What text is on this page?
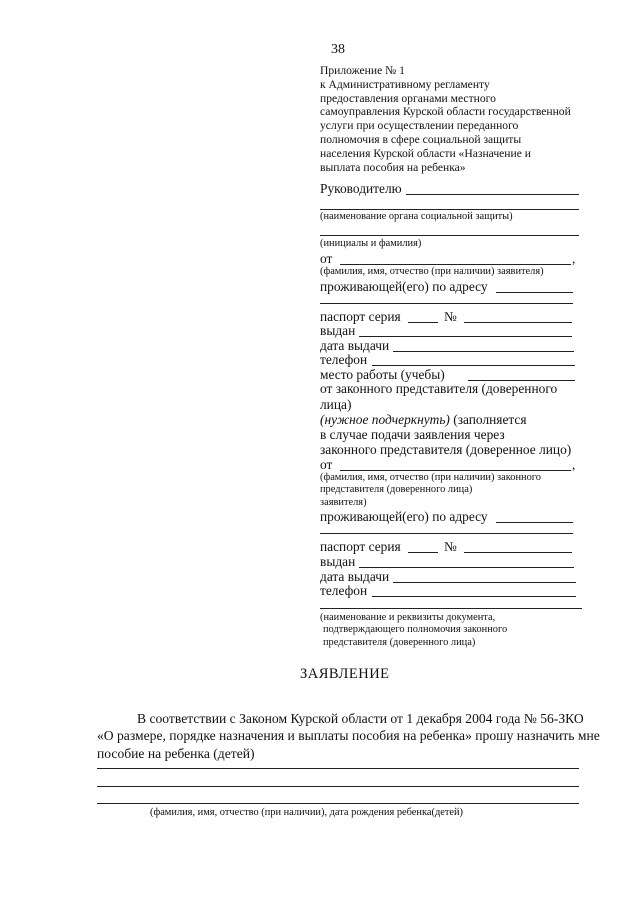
38
Приложение № 1
к Административному регламенту
предоставления органами местного
самоуправления Курской области государственной
услуги при осуществлении переданного
полномочия в сфере социальной защиты
населения Курской области «Назначение и
выплата пособия на ребенка»
Руководителю
(наименование органа социальной защиты)
(инициалы и фамилия)
от	,
(фамилия, имя, отчество (при наличии) заявителя)
проживающей(его) по адресу
паспорт серия	№
выдан
дата выдачи
телефон
место работы (учебы)
от законного представителя (доверенного
лица)
(нужное подчеркнуть) (заполняется
в случае подачи заявления через
законного представителя (доверенное лицо)
от	,
(фамилия, имя, отчество (при наличии) законного
представителя (доверенного лица)
заявителя)
проживающей(его) по адресу
паспорт серия	№
выдан
дата выдачи
телефон
(наименование и реквизиты документа,
подтверждающего полномочия законного
представителя (доверенного лица)
ЗАЯВЛЕНИЕ
В соответствии с Законом Курской области от 1 декабря 2004 года № 56-ЗКО
«О размере, порядке назначения и выплаты пособия на ребенка» прошу назначить мне
пособие на ребенка (детей)
(фамилия, имя, отчество (при наличии), дата рождения ребенка(детей)
